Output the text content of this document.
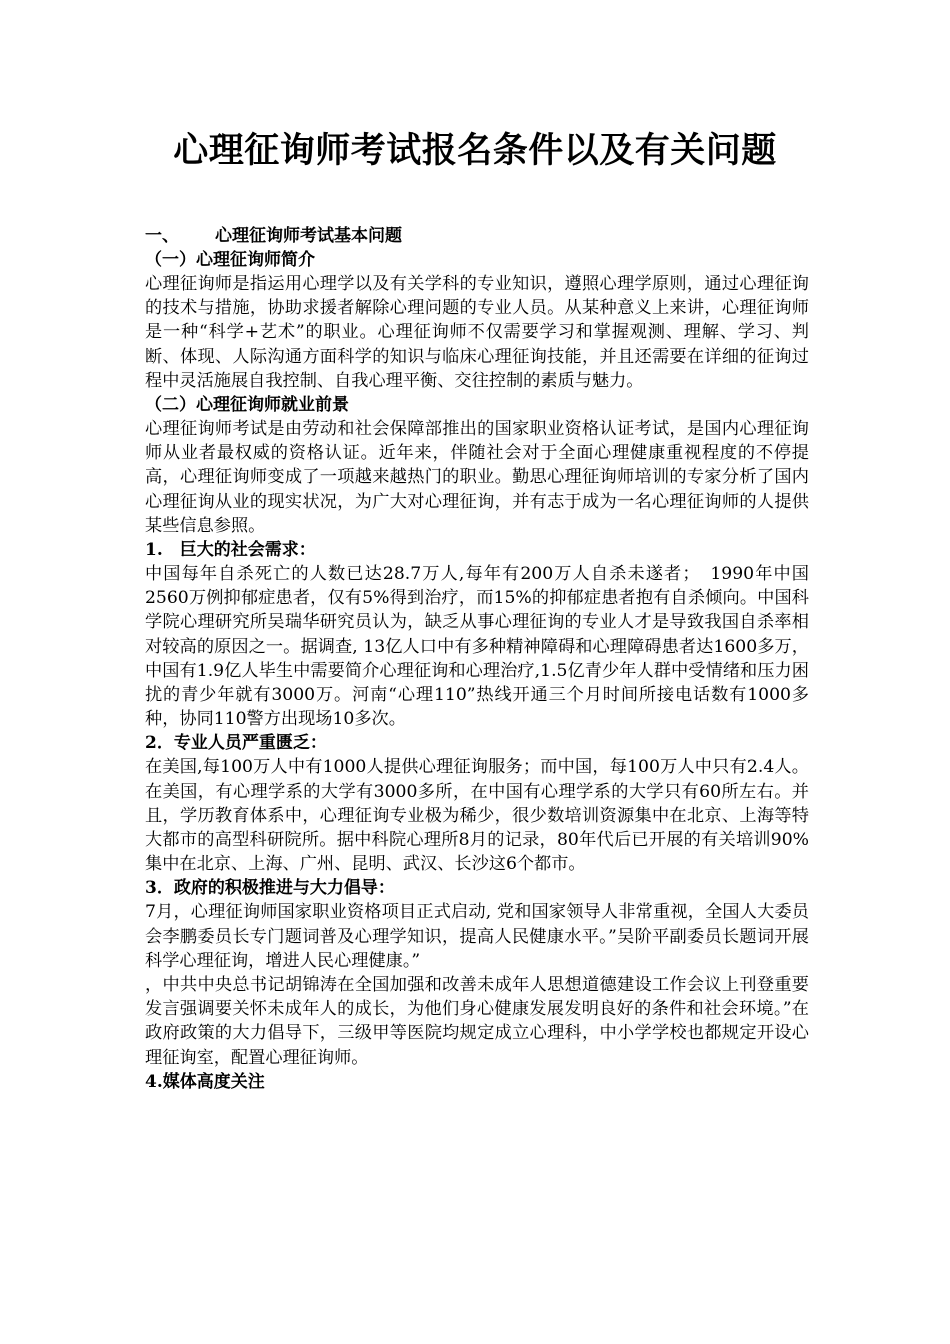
心理征询师考试报名条件以及有关问题
一、 心理征询师考试基本问题
（一）心理征询师简介

心理征询师是指运用心理学以及有关学科的专业知识，遵照心理学原则，通过心理征询的技术与措施，协助求援者解除心理问题的专业人员。从某种意义上来讲，心理征询师是一种“科学+艺术”的职业。心理征询师不仅需要学习和掌握观测、理解、学习、判断、体现、人际沟通方面科学的知识与临床心理征询技能，并且还需要在详细的征询过程中灵活施展自我控制、自我心理平衡、交往控制的素质与魅力。

（二）心理征询师就业前景

心理征询师考试是由劳动和社会保障部推出的国家职业资格认证考试，是国内心理征询师从业者最权威的资格认证。近年来，伴随社会对于全面心理健康重视程度的不停提高，心理征询师变成了一项越来越热门的职业。勤思心理征询师培训的专家分析了国内心理征询从业的现实状况，为广大对心理征询，并有志于成为一名心理征询师的人提供某些信息参照。

1.　巨大的社会需求：

中国每年自杀死亡的人数已达28.7万人,每年有200万人自杀未遂者；　1990年中国2560万例抑郁症患者，仅有5%得到治疗，而15%的抑郁症患者抱有自杀倾向。中国科学院心理研究所吴瑞华研究员认为，缺乏从事心理征询的专业人才是导致我国自杀率相对较高的原因之一。据调查, 13亿人口中有多种精神障碍和心理障碍患者达1600多万，中国有1.9亿人毕生中需要简介心理征询和心理治疗,1.5亿青少年人群中受情绪和压力困扰的青少年就有3000万。河南“心理110”热线开通三个月时间所接电话数有1000多种，协同110警方出现场10多次。

2．专业人员严重匮乏：

在美国,每100万人中有1000人提供心理征询服务；而中国，每100万人中只有2.4人。在美国，有心理学系的大学有3000多所，在中国有心理学系的大学只有60所左右。并且，学历教育体系中，心理征询专业极为稀少，很少数培训资源集中在北京、上海等特大都市的高型科研院所。据中科院心理所8月的记录，80年代后已开展的有关培训90%集中在北京、上海、广州、昆明、武汉、长沙这6个都市。

3．政府的积极推进与大力倡导：

7月，心理征询师国家职业资格项目正式启动, 党和国家领导人非常重视，全国人大委员会李鹏委员长专门题词普及心理学知识，提高人民健康水平。”吴阶平副委员长题词开展科学心理征询，增进人民心理健康。”

，中共中央总书记胡锦涛在全国加强和改善未成年人思想道德建设工作会议上刊登重要发言强调要关怀未成年人的成长，为他们身心健康发展发明良好的条件和社会环境。”在政府政策的大力倡导下，三级甲等医院均规定成立心理科，中小学学校也都规定开设心理征询室，配置心理征询师。

4.媒体高度关注
